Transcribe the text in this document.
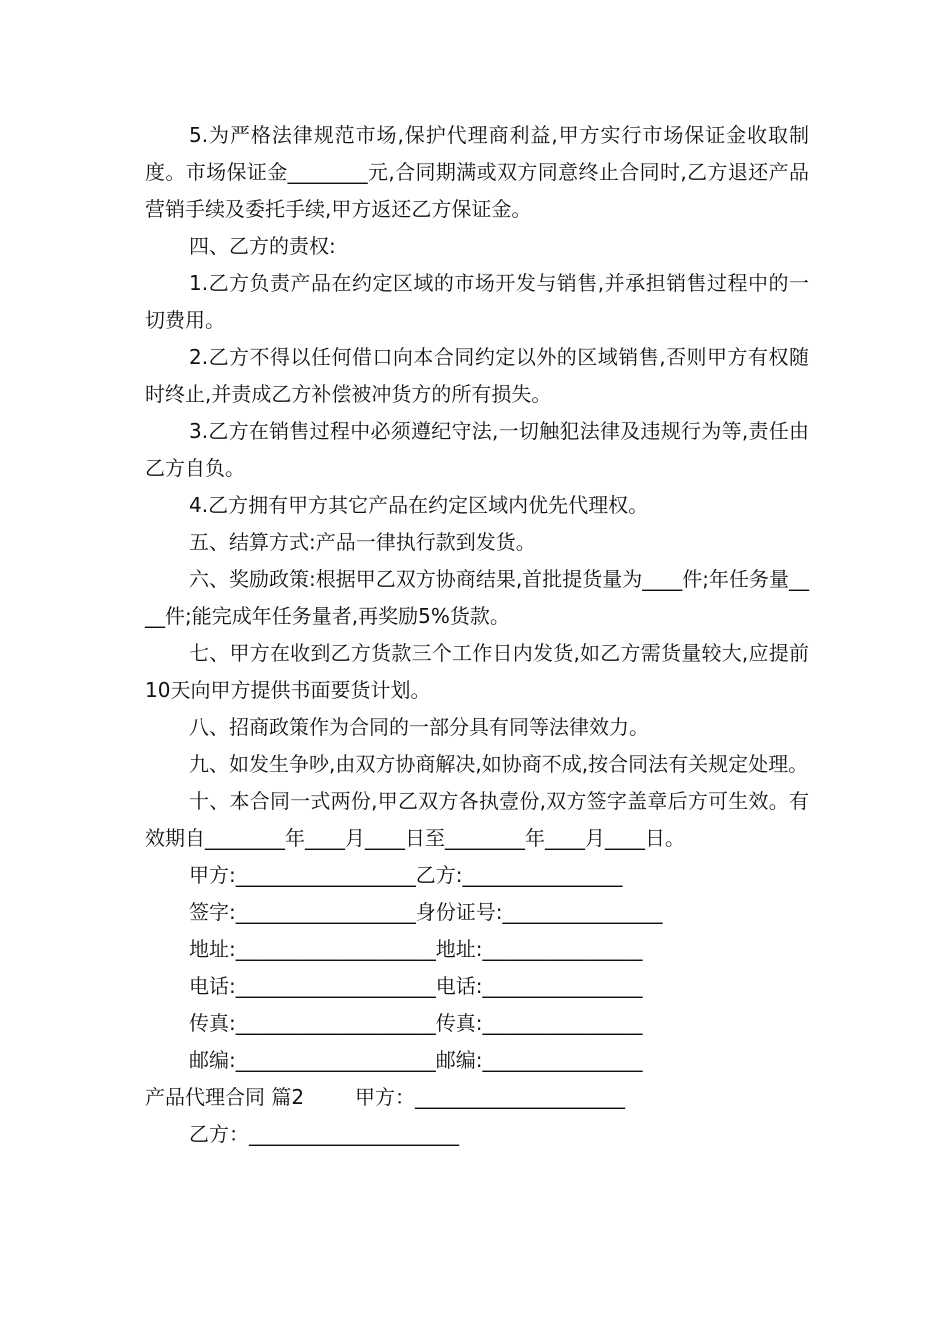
5.为严格法律规范市场,保护代理商利益,甲方实行市场保证金收取制度。市场保证金________元,合同期满或双方同意终止合同时,乙方退还产品营销手续及委托手续,甲方返还乙方保证金。

四、乙方的责权:

1.乙方负责产品在约定区域的市场开发与销售,并承担销售过程中的一切费用。

2.乙方不得以任何借口向本合同约定以外的区域销售,否则甲方有权随时终止,并责成乙方补偿被冲货方的所有损失。

3.乙方在销售过程中必须遵纪守法,一切触犯法律及违规行为等,责任由乙方自负。

4.乙方拥有甲方其它产品在约定区域内优先代理权。

五、结算方式:产品一律执行款到发货。

六、奖励政策:根据甲乙双方协商结果,首批提货量为____件;年任务量____件;能完成年任务量者,再奖励5%货款。

七、甲方在收到乙方货款三个工作日内发货,如乙方需货量较大,应提前10天向甲方提供书面要货计划。

八、招商政策作为合同的一部分具有同等法律效力。

九、如发生争吵,由双方协商解决,如协商不成,按合同法有关规定处理。

十、本合同一式两份,甲乙双方各执壹份,双方签字盖章后方可生效。有效期自________年____月____日至________年____月____日。

甲方:__________________乙方:________________

签字:__________________身份证号:________________

地址:____________________地址:________________

电话:____________________电话:________________

传真:____________________传真:________________

邮编:____________________邮编:________________

产品代理合同 篇2        甲方：_____________________

乙方：_____________________
